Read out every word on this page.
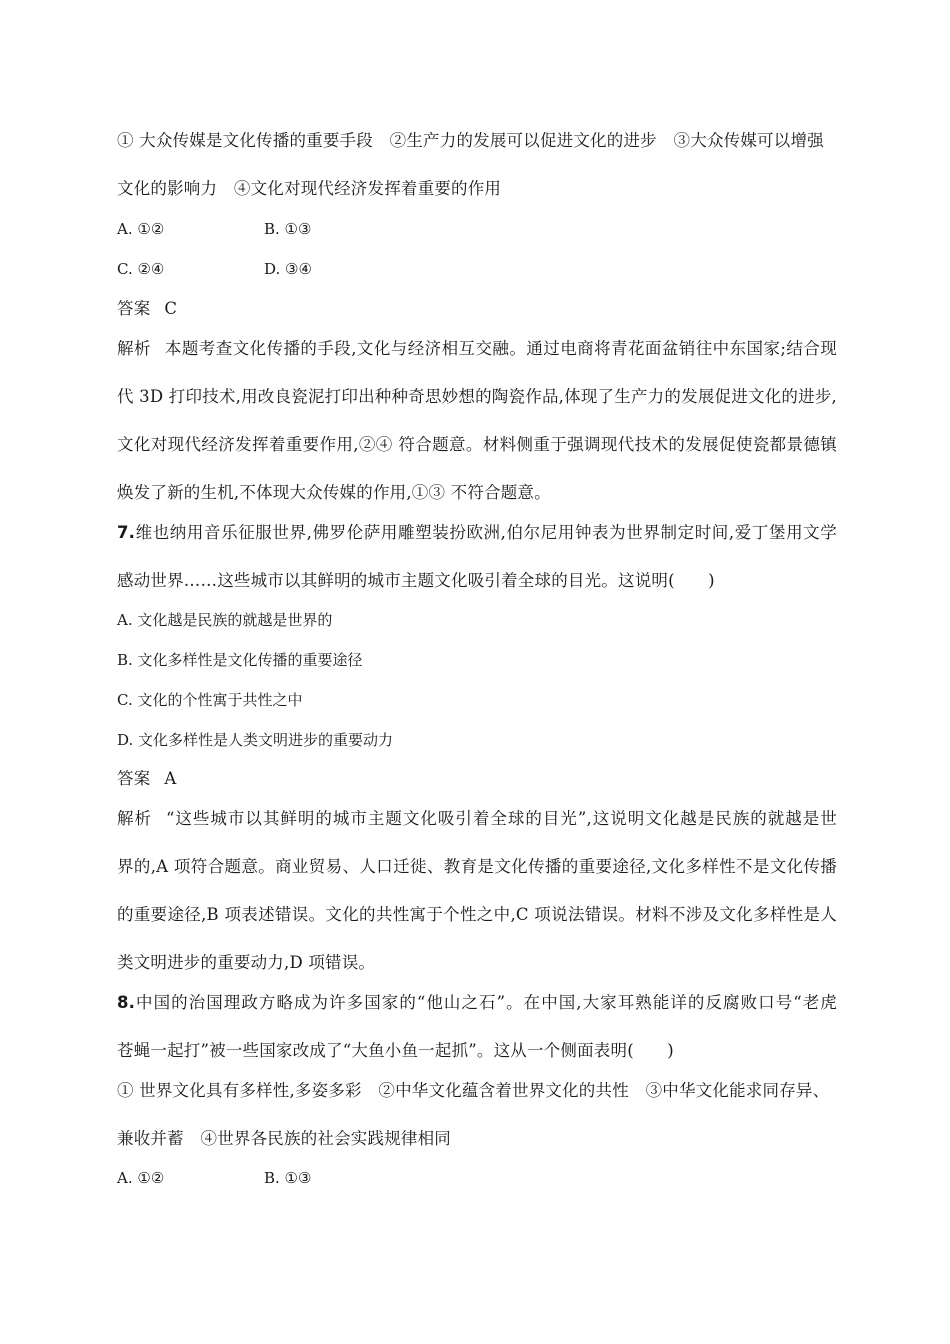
① 大众传媒是文化传播的重要手段　②生产力的发展可以促进文化的进步　③大众传媒可以增强
文化的影响力　④文化对现代经济发挥着重要的作用
A. ①②	B. ①③
C. ②④	D. ③④
答案 C
解析 本题考查文化传播的手段,文化与经济相互交融。通过电商将青花面盆销往中东国家;结合现
代 3D 打印技术,用改良瓷泥打印出种种奇思妙想的陶瓷作品,体现了生产力的发展促进文化的进步,
文化对现代经济发挥着重要作用,②④ 符合题意。材料侧重于强调现代技术的发展促使瓷都景德镇
焕发了新的生机,不体现大众传媒的作用,①③ 不符合题意。
7.维也纳用音乐征服世界,佛罗伦萨用雕塑装扮欧洲,伯尔尼用钟表为世界制定时间,爱丁堡用文学
感动世界……这些城市以其鲜明的城市主题文化吸引着全球的目光。这说明(　　)
A. 文化越是民族的就越是世界的
B. 文化多样性是文化传播的重要途径
C. 文化的个性寓于共性之中
D. 文化多样性是人类文明进步的重要动力
答案 A
解析 “这些城市以其鲜明的城市主题文化吸引着全球的目光”,这说明文化越是民族的就越是世
界的,A 项符合题意。商业贸易、人口迁徙、教育是文化传播的重要途径,文化多样性不是文化传播
的重要途径,B 项表述错误。文化的共性寓于个性之中,C 项说法错误。材料不涉及文化多样性是人
类文明进步的重要动力,D 项错误。
8.中国的治国理政方略成为许多国家的“他山之石”。在中国,大家耳熟能详的反腐败口号“老虎
苍蝇一起打”被一些国家改成了“大鱼小鱼一起抓”。这从一个侧面表明(　　)
① 世界文化具有多样性,多姿多彩　②中华文化蕴含着世界文化的共性　③中华文化能求同存异、
兼收并蓄　④世界各民族的社会实践规律相同
A. ①②	B. ①③
